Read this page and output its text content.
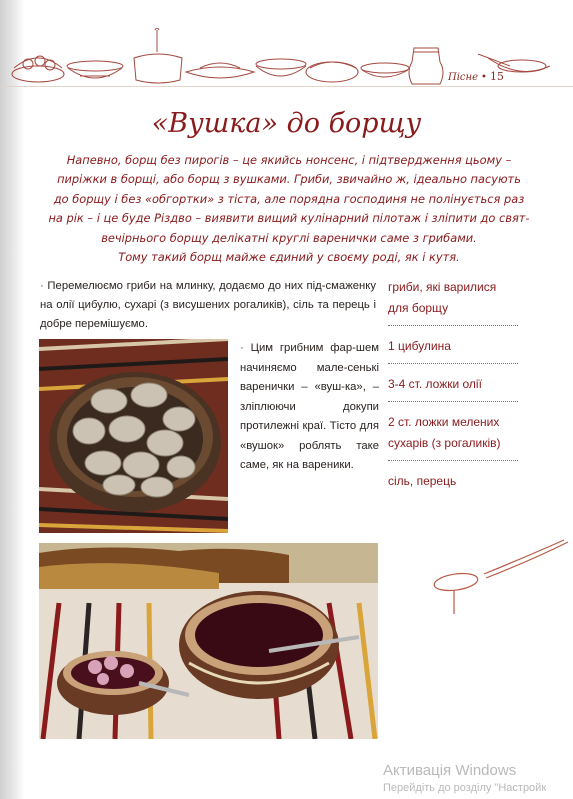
Пісне • 15
«Вушка» до борщу
Напевно, борщ без пирогів – це якийсь нонсенс, і підтвердження цьому –
пиріжки в борщі, або борщ з вушками. Гриби, звичайно ж, ідеально пасують
до борщу і без «обгортки» з тіста, але порядна господиня не полінується раз
на рік – і це буде Різдво – виявити вищий кулінарний пілотаж і зліпити до свят-
вечірнього борщу делікатні круглі варенички саме з грибами.
Тому такий борщ майже єдиний у своєму роді, як і кутя.
· Перемелюємо гриби на млинку, додаємо до них під-смаженку на олії цибулю, сухарі (з висушених рогаликів), сіль та перець і добре перемішуємо.
· Цим грибним фар-шем начиняємо мале-сенькі варенички – «вуш-ка», – зліплюючи докупи протилежні краї. Тісто для «вушок» роблять таке саме, як на вареники.
гриби, які варилися для борщу
1 цибулина
3-4 ст. ложки олії
2 ст. ложки мелених сухарів (з рогаликів)
сіль, перець
Активація Windows
Перейдіть до розділу "Настройк
